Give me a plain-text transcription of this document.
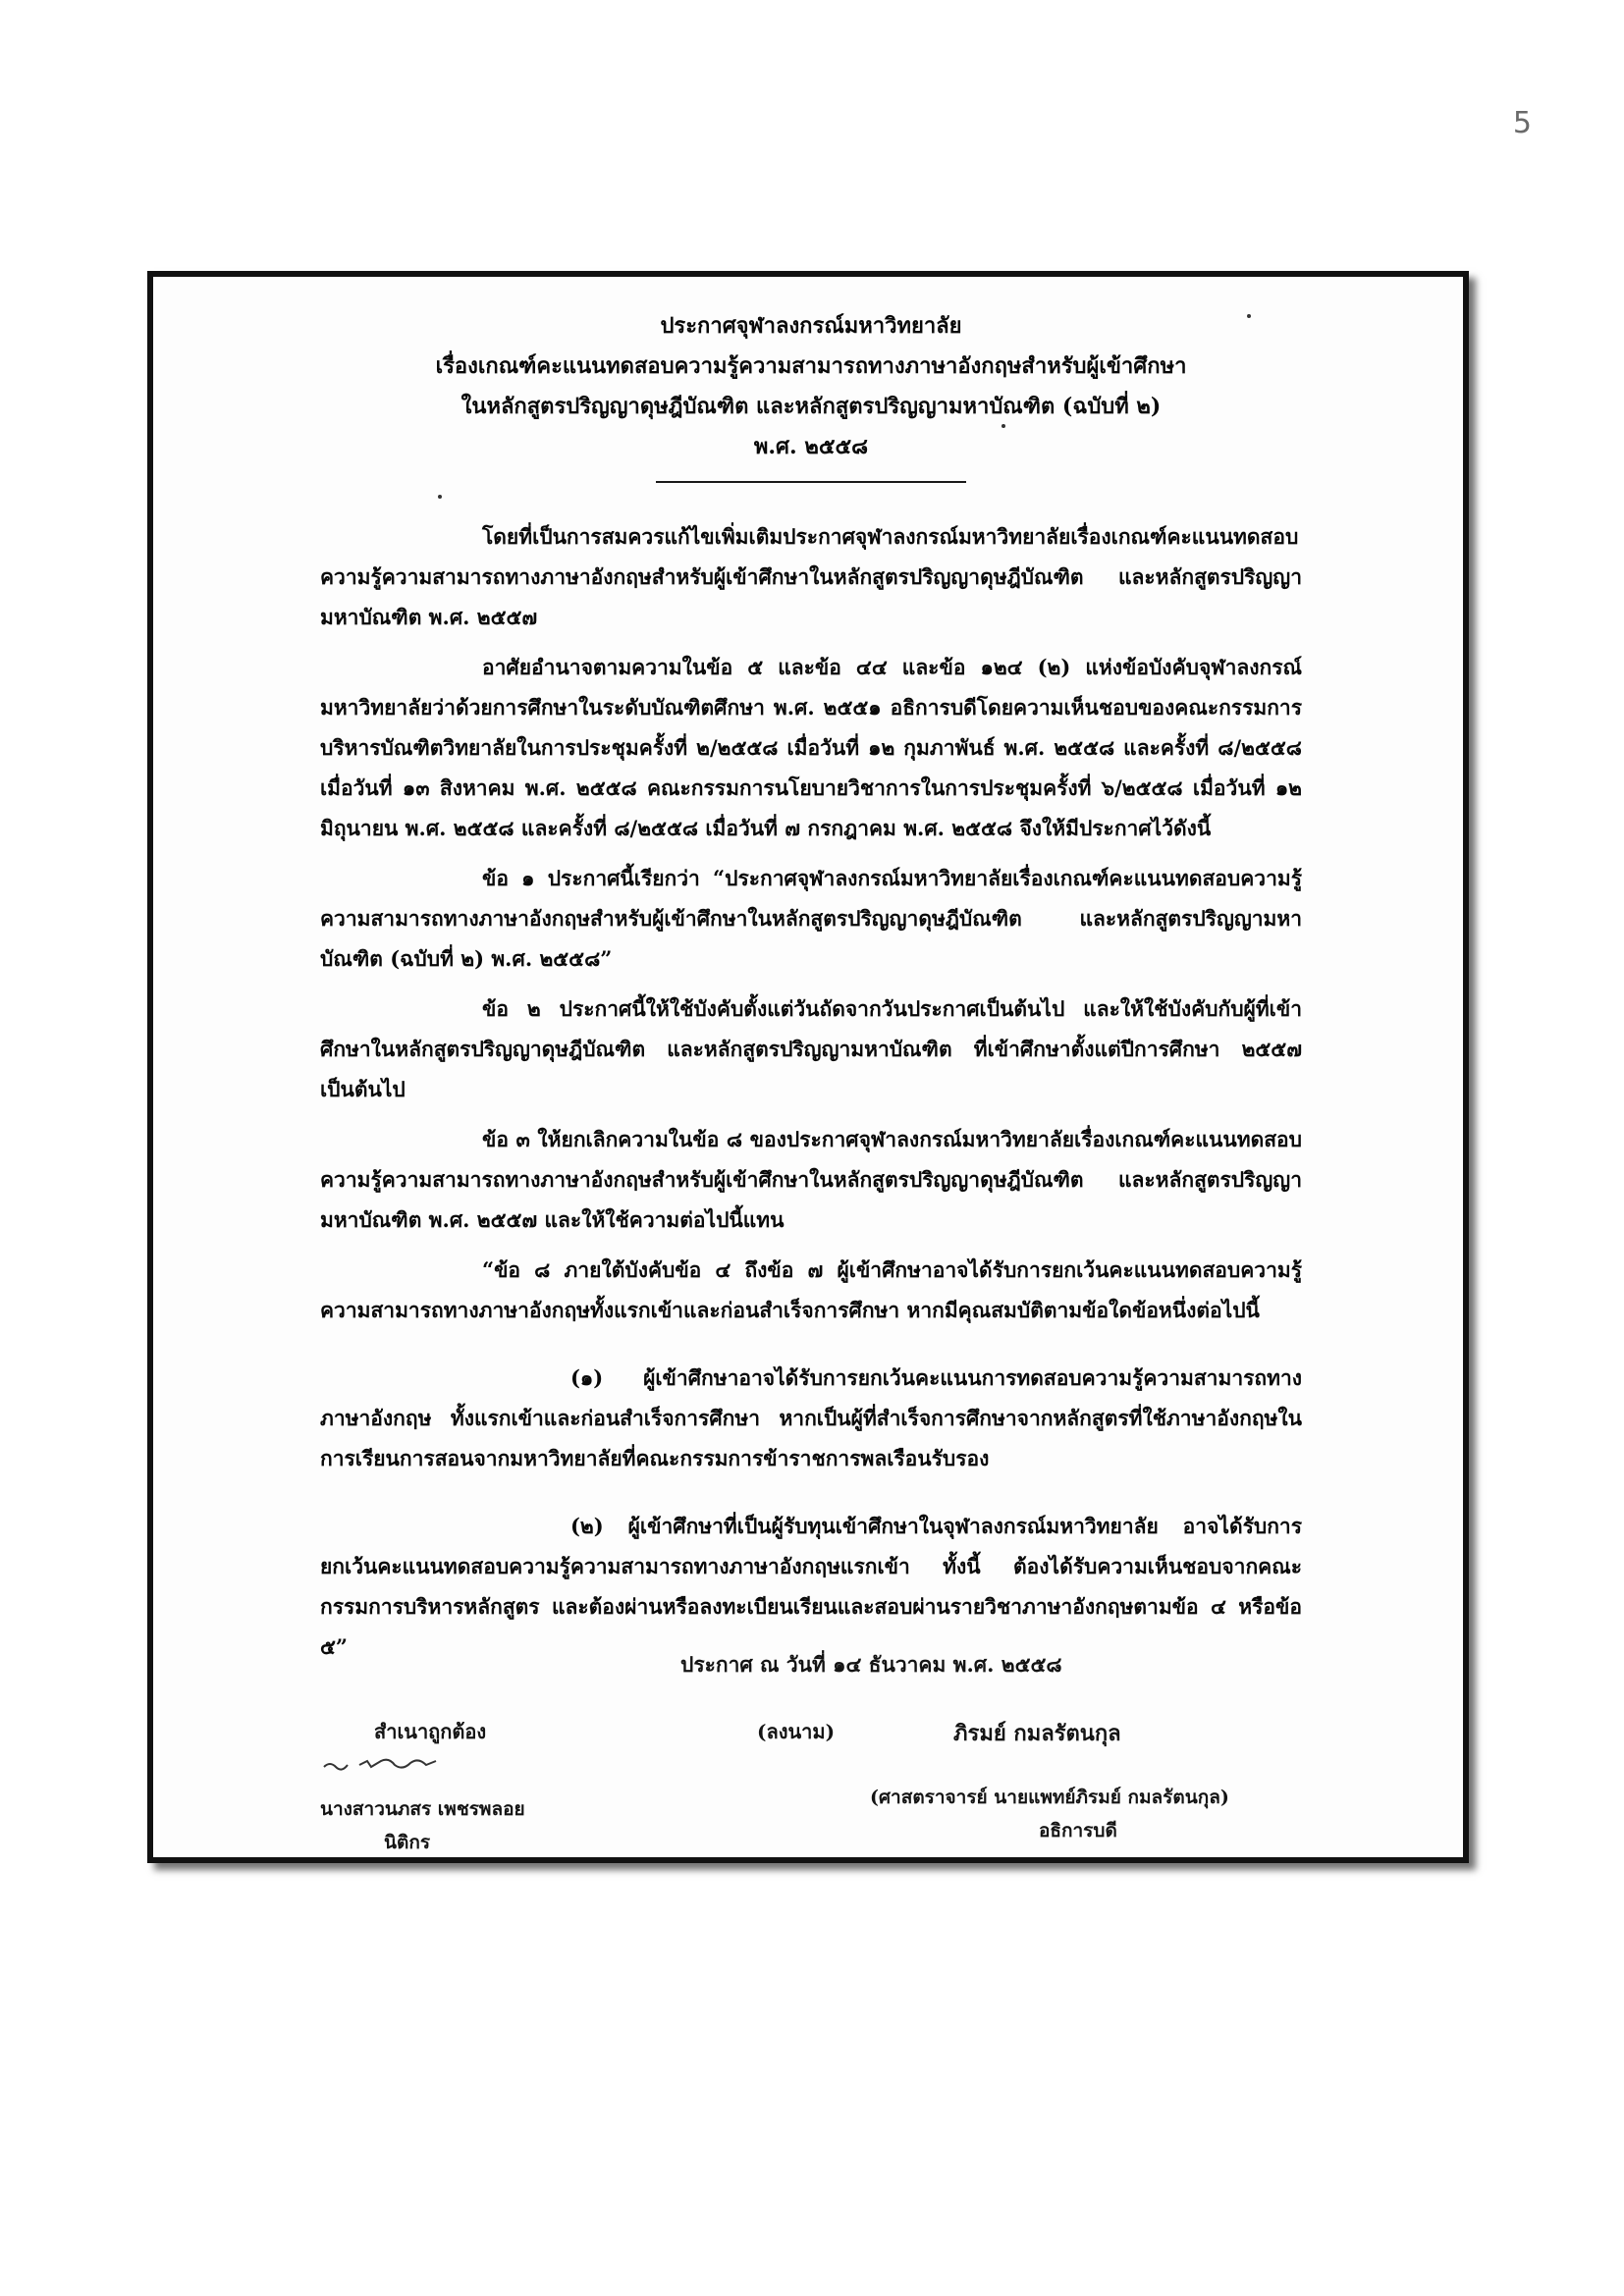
5

ประกาศจุฬาลงกรณ์มหาวิทยาลัย

เรื่องเกณฑ์คะแนนทดสอบความรู้ความสามารถทางภาษาอังกฤษสำหรับผู้เข้าศึกษา

ในหลักสูตรปริญญาดุษฎีบัณฑิต และหลักสูตรปริญญามหาบัณฑิต (ฉบับที่ ๒)

พ.ศ. ๒๕๕๘

โดยที่เป็นการสมควรแก้ไขเพิ่มเติมประกาศจุฬาลงกรณ์มหาวิทยาลัยเรื่องเกณฑ์คะแนนทดสอบความรู้ความสามารถทางภาษาอังกฤษสำหรับผู้เข้าศึกษาในหลักสูตรปริญญาดุษฎีบัณฑิต และหลักสูตรปริญญามหาบัณฑิต พ.ศ. ๒๕๕๗

อาศัยอำนาจตามความในข้อ ๕ และข้อ ๔๔ และข้อ ๑๒๔ (๒) แห่งข้อบังคับจุฬาลงกรณ์มหาวิทยาลัยว่าด้วยการศึกษาในระดับบัณฑิตศึกษา พ.ศ. ๒๕๕๑ อธิการบดีโดยความเห็นชอบของคณะกรรมการบริหารบัณฑิตวิทยาลัยในการประชุมครั้งที่ ๒/๒๕๕๘ เมื่อวันที่ ๑๒ กุมภาพันธ์ พ.ศ. ๒๕๕๘ และครั้งที่ ๘/๒๕๕๘ เมื่อวันที่ ๑๓ สิงหาคม พ.ศ. ๒๕๕๘ คณะกรรมการนโยบายวิชาการในการประชุมครั้งที่ ๖/๒๕๕๘ เมื่อวันที่ ๑๒ มิถุนายน พ.ศ. ๒๕๕๘ และครั้งที่ ๘/๒๕๕๘ เมื่อวันที่ ๗ กรกฎาคม พ.ศ. ๒๕๕๘ จึงให้มีประกาศไว้ดังนี้

ข้อ ๑ ประกาศนี้เรียกว่า “ประกาศจุฬาลงกรณ์มหาวิทยาลัยเรื่องเกณฑ์คะแนนทดสอบความรู้ความสามารถทางภาษาอังกฤษสำหรับผู้เข้าศึกษาในหลักสูตรปริญญาดุษฎีบัณฑิต และหลักสูตรปริญญามหาบัณฑิต (ฉบับที่ ๒) พ.ศ. ๒๕๕๘”

ข้อ ๒ ประกาศนี้ให้ใช้บังคับตั้งแต่วันถัดจากวันประกาศเป็นต้นไป และให้ใช้บังคับกับผู้ที่เข้าศึกษาในหลักสูตรปริญญาดุษฎีบัณฑิต และหลักสูตรปริญญามหาบัณฑิต ที่เข้าศึกษาตั้งแต่ปีการศึกษา ๒๕๕๗ เป็นต้นไป

ข้อ ๓ ให้ยกเลิกความในข้อ ๘ ของประกาศจุฬาลงกรณ์มหาวิทยาลัยเรื่องเกณฑ์คะแนนทดสอบความรู้ความสามารถทางภาษาอังกฤษสำหรับผู้เข้าศึกษาในหลักสูตรปริญญาดุษฎีบัณฑิต และหลักสูตรปริญญามหาบัณฑิต พ.ศ. ๒๕๕๗ และให้ใช้ความต่อไปนี้แทน

“ข้อ ๘ ภายใต้บังคับข้อ ๔ ถึงข้อ ๗ ผู้เข้าศึกษาอาจได้รับการยกเว้นคะแนนทดสอบความรู้ความสามารถทางภาษาอังกฤษทั้งแรกเข้าและก่อนสำเร็จการศึกษา หากมีคุณสมบัติตามข้อใดข้อหนึ่งต่อไปนี้

(๑) ผู้เข้าศึกษาอาจได้รับการยกเว้นคะแนนการทดสอบความรู้ความสามารถทางภาษาอังกฤษ ทั้งแรกเข้าและก่อนสำเร็จการศึกษา หากเป็นผู้ที่สำเร็จการศึกษาจากหลักสูตรที่ใช้ภาษาอังกฤษในการเรียนการสอนจากมหาวิทยาลัยที่คณะกรรมการข้าราชการพลเรือนรับรอง

(๒) ผู้เข้าศึกษาที่เป็นผู้รับทุนเข้าศึกษาในจุฬาลงกรณ์มหาวิทยาลัย อาจได้รับการยกเว้นคะแนนทดสอบความรู้ความสามารถทางภาษาอังกฤษแรกเข้า ทั้งนี้ ต้องได้รับความเห็นชอบจากคณะกรรมการบริหารหลักสูตร และต้องผ่านหรือลงทะเบียนเรียนและสอบผ่านรายวิชาภาษาอังกฤษตามข้อ ๔ หรือข้อ ๕”

ประกาศ ณ วันที่ ๑๔ ธันวาคม พ.ศ. ๒๕๕๘
สำเนาถูกต้อง
นางสาวนภสร เพชรพลอย
นิติกร
(ลงนาม)	ภิรมย์ กมลรัตนกุล
(ศาสตราจารย์ นายแพทย์ภิรมย์ กมลรัตนกุล)
อธิการบดี
